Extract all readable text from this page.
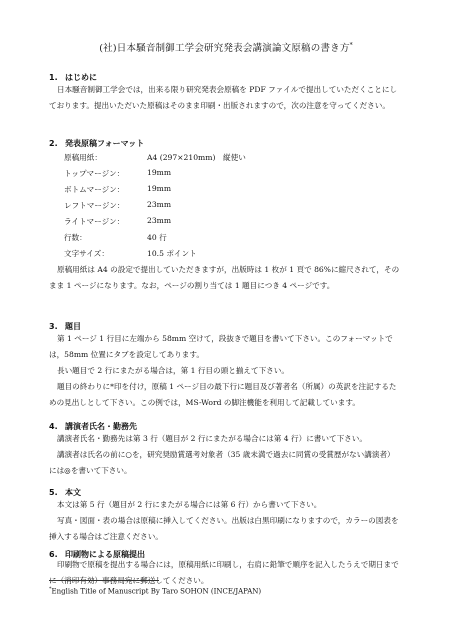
(社)日本騒音制御工学会研究発表会講演論文原稿の書き方*
1. はじめに
日本騒音制御工学会では，出来る限り研究発表会原稿を PDF ファイルで提出していただくことにしております。提出いただいた原稿はそのまま印刷・出版されますので，次の注意を守ってください。
2. 発表原稿フォーマット
原稿用紙：	A4 (297×210mm)　縦使い
トップマージン：	19mm
ボトムマージン：	19mm
レフトマージン：	23mm
ライトマージン：	23mm
行数：	40 行
文字サイズ：	10.5 ポイント
原稿用紙は A4 の設定で提出していただきますが，出版時は 1 枚が 1 頁で 86%に縮尺されて，そのまま 1 ページになります。なお，ページの割り当ては 1 題目につき 4 ページです。
3. 題目
第 1 ページ 1 行目に左端から 58mm 空けて，段抜きで題目を書いて下さい。このフォーマットでは，58mm 位置にタブを設定してあります。
長い題目で 2 行にまたがる場合は，第 1 行目の頭と揃えて下さい。
題目の終わりに*印を付け，原稿 1 ページ目の最下行に題目及び著者名（所属）の英訳を注記するための見出しとして下さい。この例では，MS-Word の脚注機能を利用して記載しています。
4. 講演者氏名・勤務先
講演者氏名・勤務先は第 3 行（題目が 2 行にまたがる場合には第 4 行）に書いて下さい。
講演者は氏名の前に○を，研究奨励賞選考対象者（35 歳未満で過去に同賞の受賞歴がない講演者）には◎を書いて下さい。
5. 本文
本文は第 5 行（題目が 2 行にまたがる場合には第 6 行）から書いて下さい。
写真・図面・表の場合は原稿に挿入してください。出版は白黒印刷になりますので，カラーの図表を挿入する場合はご注意ください。
6. 印刷物による原稿提出
印刷物で原稿を提出する場合には，原稿用紙に印刷し，右肩に鉛筆で順序を記入したうえで期日までに（消印有効）事務局宛に郵送してください。
*English Title of Manuscript By Taro SOHON (INCE/JAPAN)
